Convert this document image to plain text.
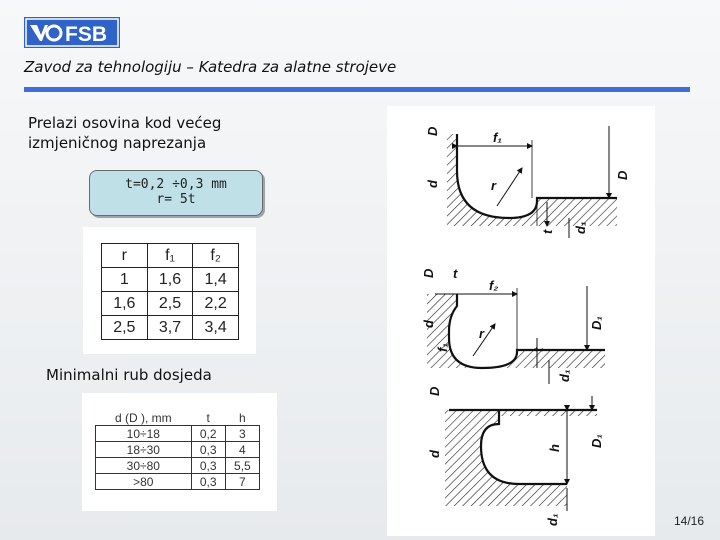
FSB
Zavod za tehnologiju – Katedra za alatne strojeve
Prelazi osovina kod većeg
izmjeničnog naprezanja
t=0,2 ÷0,3 mm
r= 5t
r	f₁	f₂
1	1,6	1,4
1,6	2,5	2,2
2,5	3,7	3,4
Minimalni rub dosjeda
d (D ), mm	t	h
10÷18	0,2	3
18÷30	0,3	4
30÷80	0,3	5,5
>80	0,3	7
D
d
f₁
r
D
t d₁
D t
f₂
d
f₁
r
D₁
t
d₁
D
d
h
D₁
d₁	14/16
